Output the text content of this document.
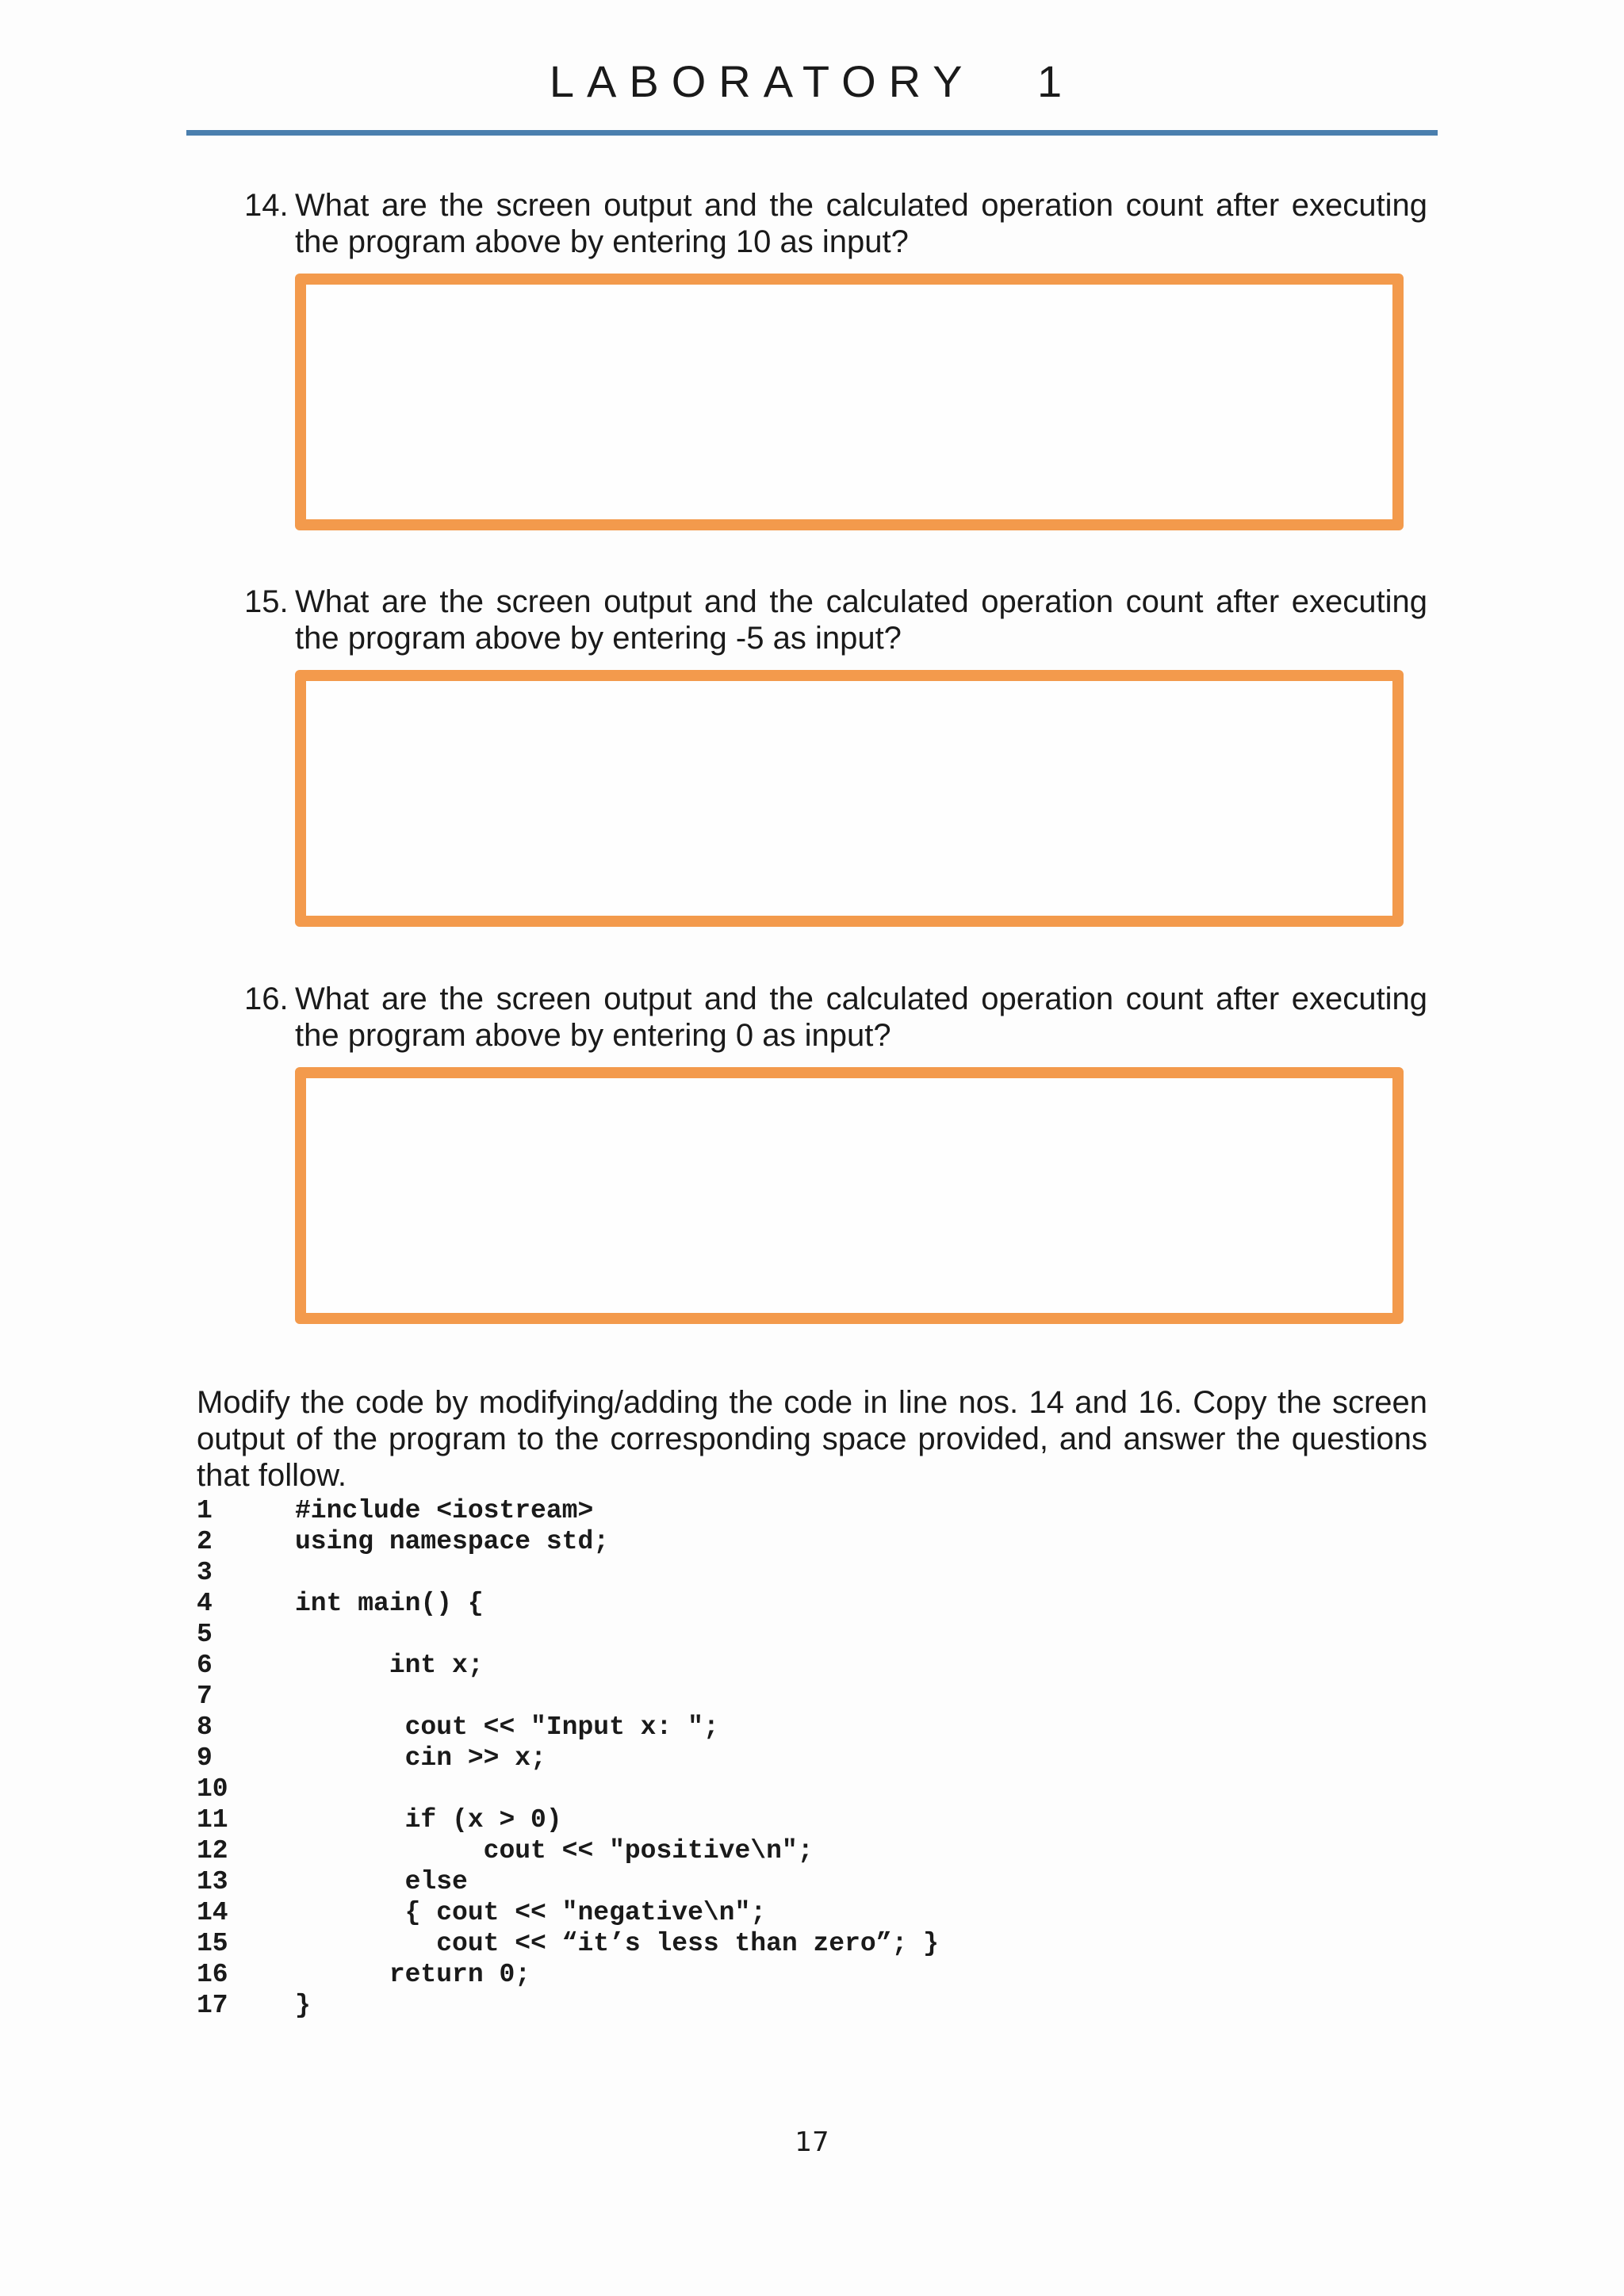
LABORATORY 1
14. What are the screen output and the calculated operation count after executing
the program above by entering 10 as input?
15. What are the screen output and the calculated operation count after executing
the program above by entering -5 as input?
16. What are the screen output and the calculated operation count after executing
the program above by entering 0 as input?
Modify the code by modifying/adding the code in line nos. 14 and 16. Copy the screen
output of the program to the corresponding space provided, and answer the questions
that follow.
1	#include <iostream>
2	using namespace std;
3
4	int main() {
5
6	int x;
7
8	cout << "Input x: ";
9	cin >> x;
10
11	if (x > 0)
12	cout << "positive\n";
13	else
14	{ cout << "negative\n";
15	cout << “it’s less than zero”; }
16	return 0;
17	}
17
